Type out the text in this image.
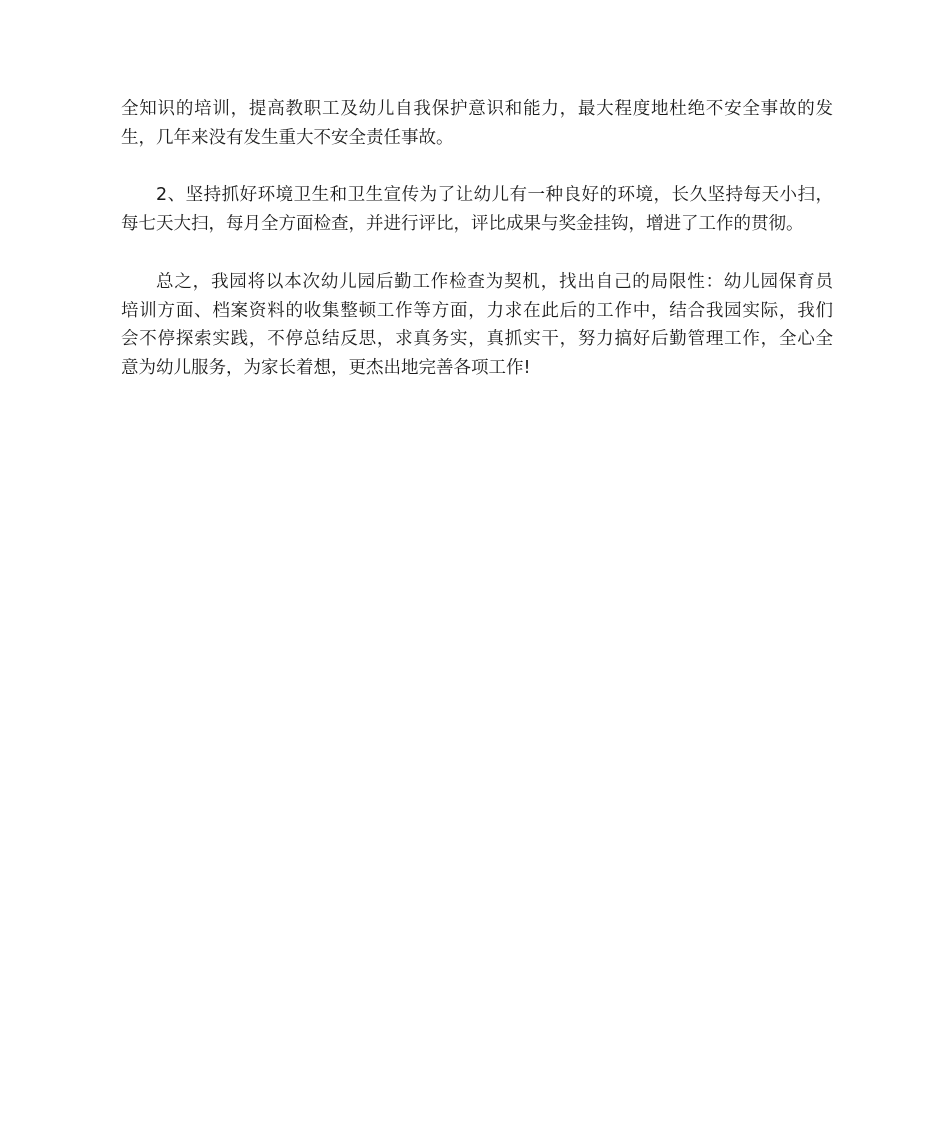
全知识的培训，提高教职工及幼儿自我保护意识和能力，最大程度地杜绝不安全事故的发
生，几年来没有发生重大不安全责任事故。

2、坚持抓好环境卫生和卫生宣传为了让幼儿有一种良好的环境，长久坚持每天小扫，
每七天大扫，每月全方面检查，并进行评比，评比成果与奖金挂钩，增进了工作的贯彻。

总之，我园将以本次幼儿园后勤工作检查为契机，找出自己的局限性：幼儿园保育员
培训方面、档案资料的收集整顿工作等方面，力求在此后的工作中，结合我园实际，我们
会不停探索实践，不停总结反思，求真务实，真抓实干，努力搞好后勤管理工作，全心全
意为幼儿服务，为家长着想，更杰出地完善各项工作!
